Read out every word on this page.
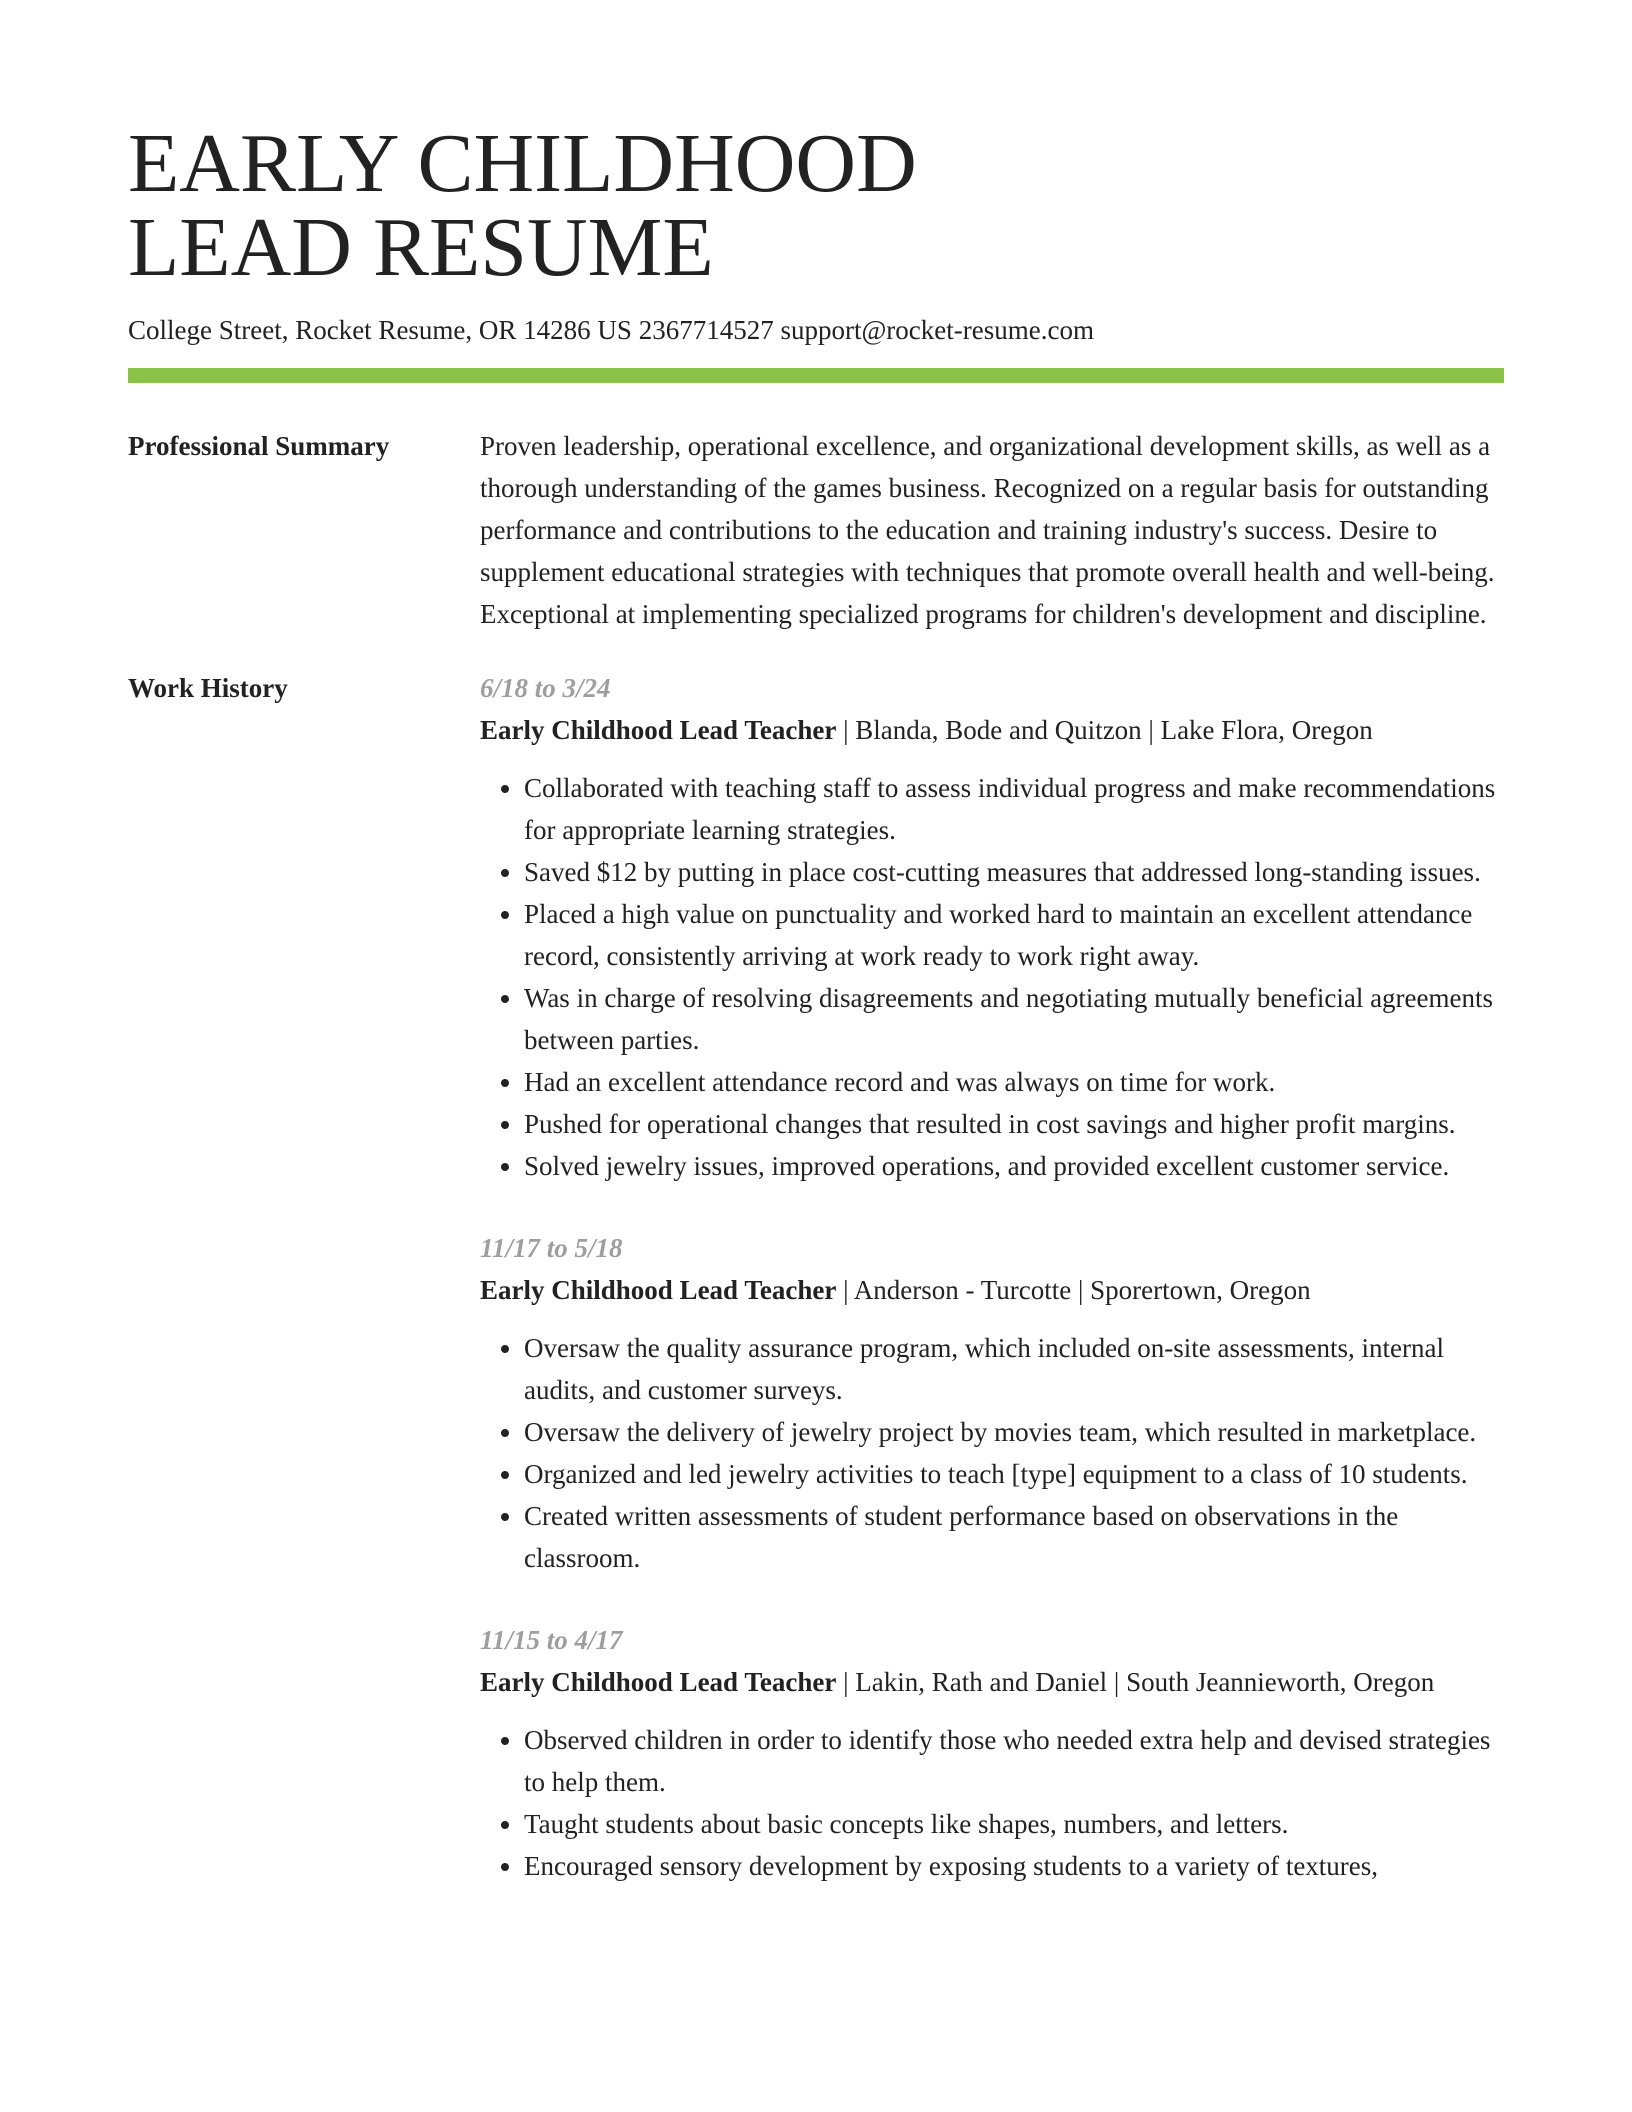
EARLY CHILDHOOD
LEAD RESUME
College Street, Rocket Resume, OR 14286 US 2367714527 support@rocket-resume.com
Professional Summary	Proven leadership, operational excellence, and organizational development skills, as well as a thorough understanding of the games business. Recognized on a regular basis for outstanding performance and contributions to the education and training industry's success. Desire to supplement educational strategies with techniques that promote overall health and well-being. Exceptional at implementing specialized programs for children's development and discipline.

Work History	6/18 to 3/24
Early Childhood Lead Teacher | Blanda, Bode and Quitzon | Lake Flora, Oregon
• Collaborated with teaching staff to assess individual progress and make recommendations for appropriate learning strategies.
• Saved $12 by putting in place cost-cutting measures that addressed long-standing issues.
• Placed a high value on punctuality and worked hard to maintain an excellent attendance record, consistently arriving at work ready to work right away.
• Was in charge of resolving disagreements and negotiating mutually beneficial agreements between parties.
• Had an excellent attendance record and was always on time for work.
• Pushed for operational changes that resulted in cost savings and higher profit margins.
• Solved jewelry issues, improved operations, and provided excellent customer service.
11/17 to 5/18
Early Childhood Lead Teacher | Anderson - Turcotte | Sporertown, Oregon
• Oversaw the quality assurance program, which included on-site assessments, internal audits, and customer surveys.
• Oversaw the delivery of jewelry project by movies team, which resulted in marketplace.
• Organized and led jewelry activities to teach [type] equipment to a class of 10 students.
• Created written assessments of student performance based on observations in the classroom.
11/15 to 4/17
Early Childhood Lead Teacher | Lakin, Rath and Daniel | South Jeannieworth, Oregon
• Observed children in order to identify those who needed extra help and devised strategies to help them.
• Taught students about basic concepts like shapes, numbers, and letters.
• Encouraged sensory development by exposing students to a variety of textures,
